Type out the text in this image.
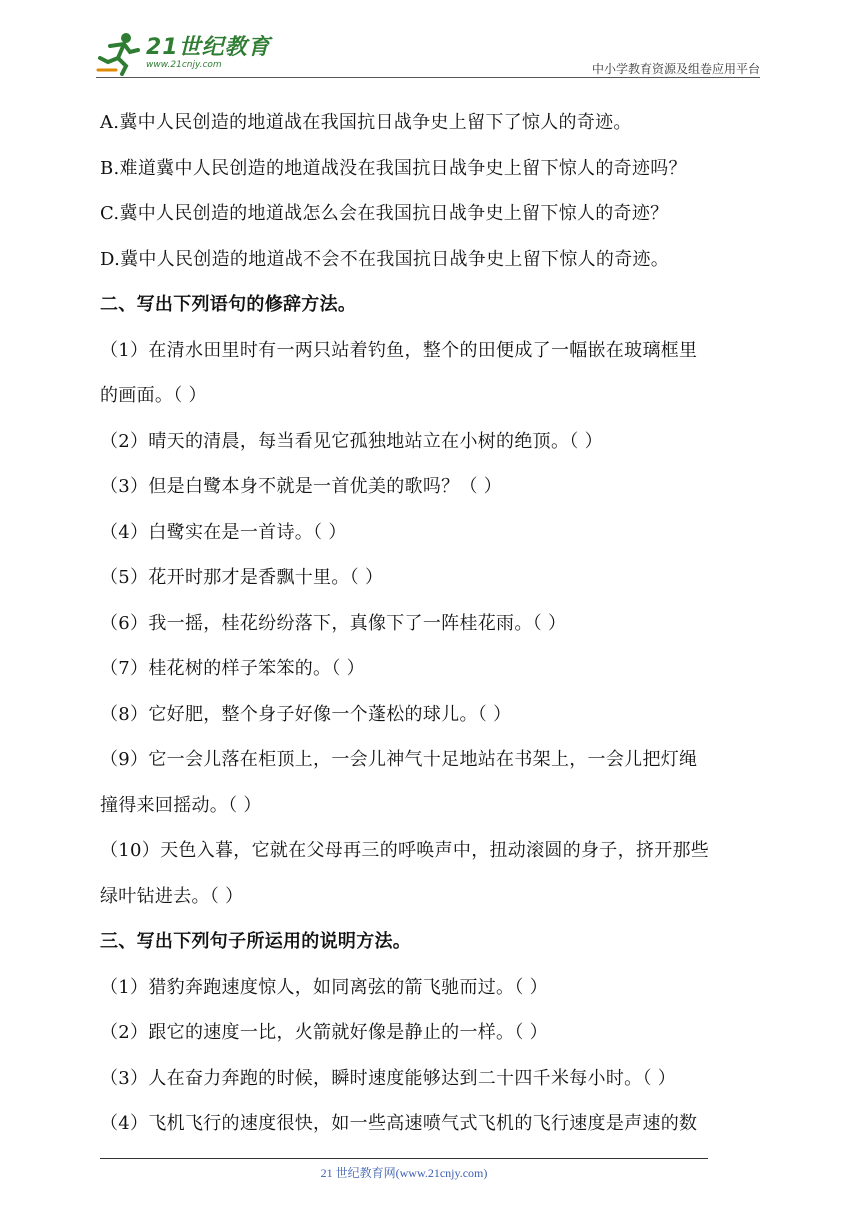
21世纪教育
www.21cnjy.com	中小学教育资源及组卷应用平台
A.冀中人民创造的地道战在我国抗日战争史上留下了惊人的奇迹。
B.难道冀中人民创造的地道战没在我国抗日战争史上留下惊人的奇迹吗？
C.冀中人民创造的地道战怎么会在我国抗日战争史上留下惊人的奇迹？
D.冀中人民创造的地道战不会不在我国抗日战争史上留下惊人的奇迹。
二、写出下列语句的修辞方法。
（1）在清水田里时有一两只站着钓鱼，整个的田便成了一幅嵌在玻璃框里
的画面。（ ）
（2）晴天的清晨，每当看见它孤独地站立在小树的绝顶。（ ）
（3）但是白鹭本身不就是一首优美的歌吗？（ ）
（4）白鹭实在是一首诗。（ ）
（5）花开时那才是香飘十里。（ ）
（6）我一摇，桂花纷纷落下，真像下了一阵桂花雨。（ ）
（7）桂花树的样子笨笨的。（ ）
（8）它好肥，整个身子好像一个蓬松的球儿。（ ）
（9）它一会儿落在柜顶上，一会儿神气十足地站在书架上，一会儿把灯绳
撞得来回摇动。（ ）
（10）天色入暮，它就在父母再三的呼唤声中，扭动滚圆的身子，挤开那些
绿叶钻进去。（ ）
三、写出下列句子所运用的说明方法。
（1）猎豹奔跑速度惊人，如同离弦的箭飞驰而过。（ ）
（2）跟它的速度一比，火箭就好像是静止的一样。（ ）
（3）人在奋力奔跑的时候，瞬时速度能够达到二十四千米每小时。（ ）
（4）飞机飞行的速度很快，如一些高速喷气式飞机的飞行速度是声速的数
21 世纪教育网(www.21cnjy.com)
